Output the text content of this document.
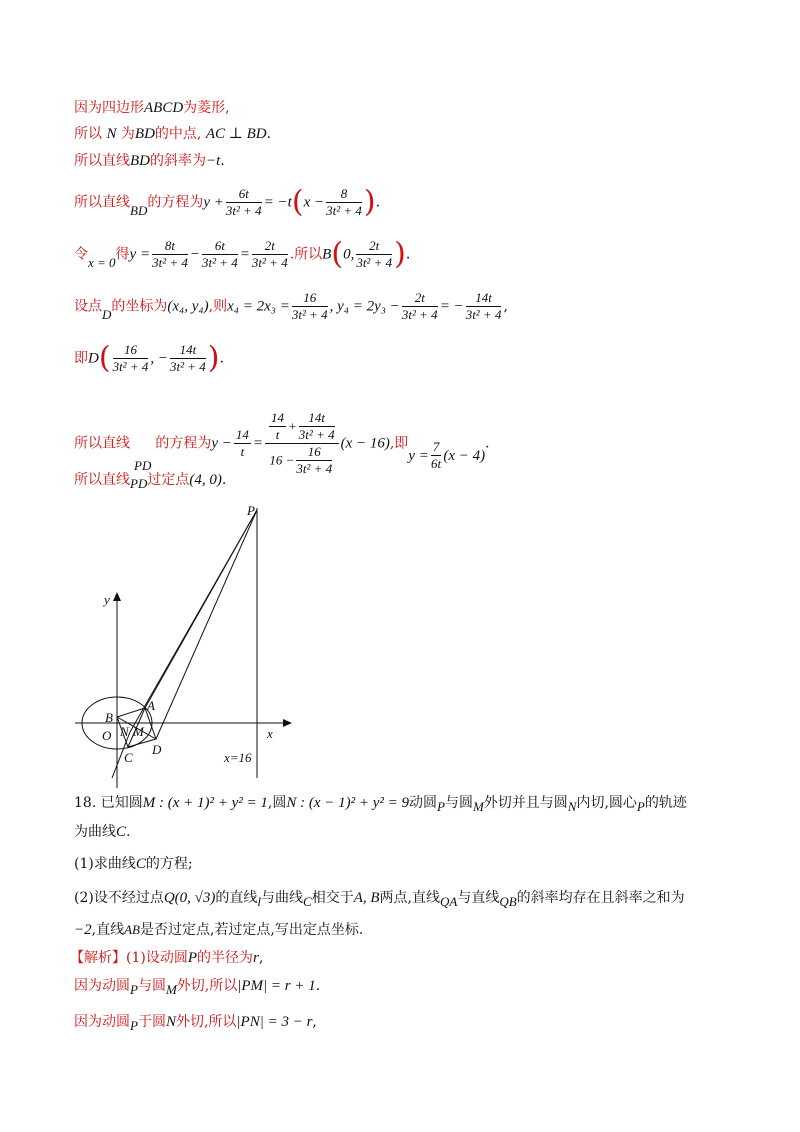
因为四边形ABCD为菱形,
所以 N 为BD的中点, AC ⊥ BD.
所以直线BD的斜率为−t.
所以直线BD的方程为$y + \frac{6t}{\text{3t² + 4}} = -t(x - \frac{8}{\text{3t² + 4}}$ ).
令x = 0得$y = \frac{8t}{\text{3t² + 4}} - \frac{6t}{\text{3t² + 4}} = \frac{2t}{\text{3t² + 4}}$ .所以B(0, $\frac{2t}{\text{3t² + 4}}$ ).
设点D的坐标为(x₄, y₄),则$x_4 = 2x_3 = \frac{16}{\text{3t² + 4}}$ , $y_4 = 2y_3 - \frac{2t}{\text{3t² + 4}}$ = − $\frac{14t}{\text{3t² + 4}}$ ,
即$D( \frac{16}{\text{3t² + 4}}$ , − $\frac{14t}{\text{3t² + 4}}$ ).
所以直线PD的方程为$y - \frac{14}{t} = \frac{\frac{14}{t} + \frac{14t}{\text{3t² + 4}}}{16 - \frac{16}{\text{3t² + 4}}} (x - 16)$,即$y = \frac{7}{6t} (x - 4)$.
所以直线PD过定点(4, 0).
y
x
x=16
P
A
B
O N M
C
D
18. 已知圆M : (x + 1)² + y² = 1,圆N : (x − 1)² + y² = 9动圆P与圆M外切并且与圆N内切,圆心P的轨迹
为曲线C.
(1)求曲线C的方程;
(2)设不经过点Q(0, √3)的直线l与曲线C相交于A, B两点,直线QA与直线QB的斜率均存在且斜率之和为
−2,直线AB是否过定点,若过定点,写出定点坐标.
【解析】(1)设动圆P的半径为r,
因为动圆P与圆M外切,所以|PM| = r + 1.
因为动圆P于圆N外切,所以|PN| = 3 − r,
